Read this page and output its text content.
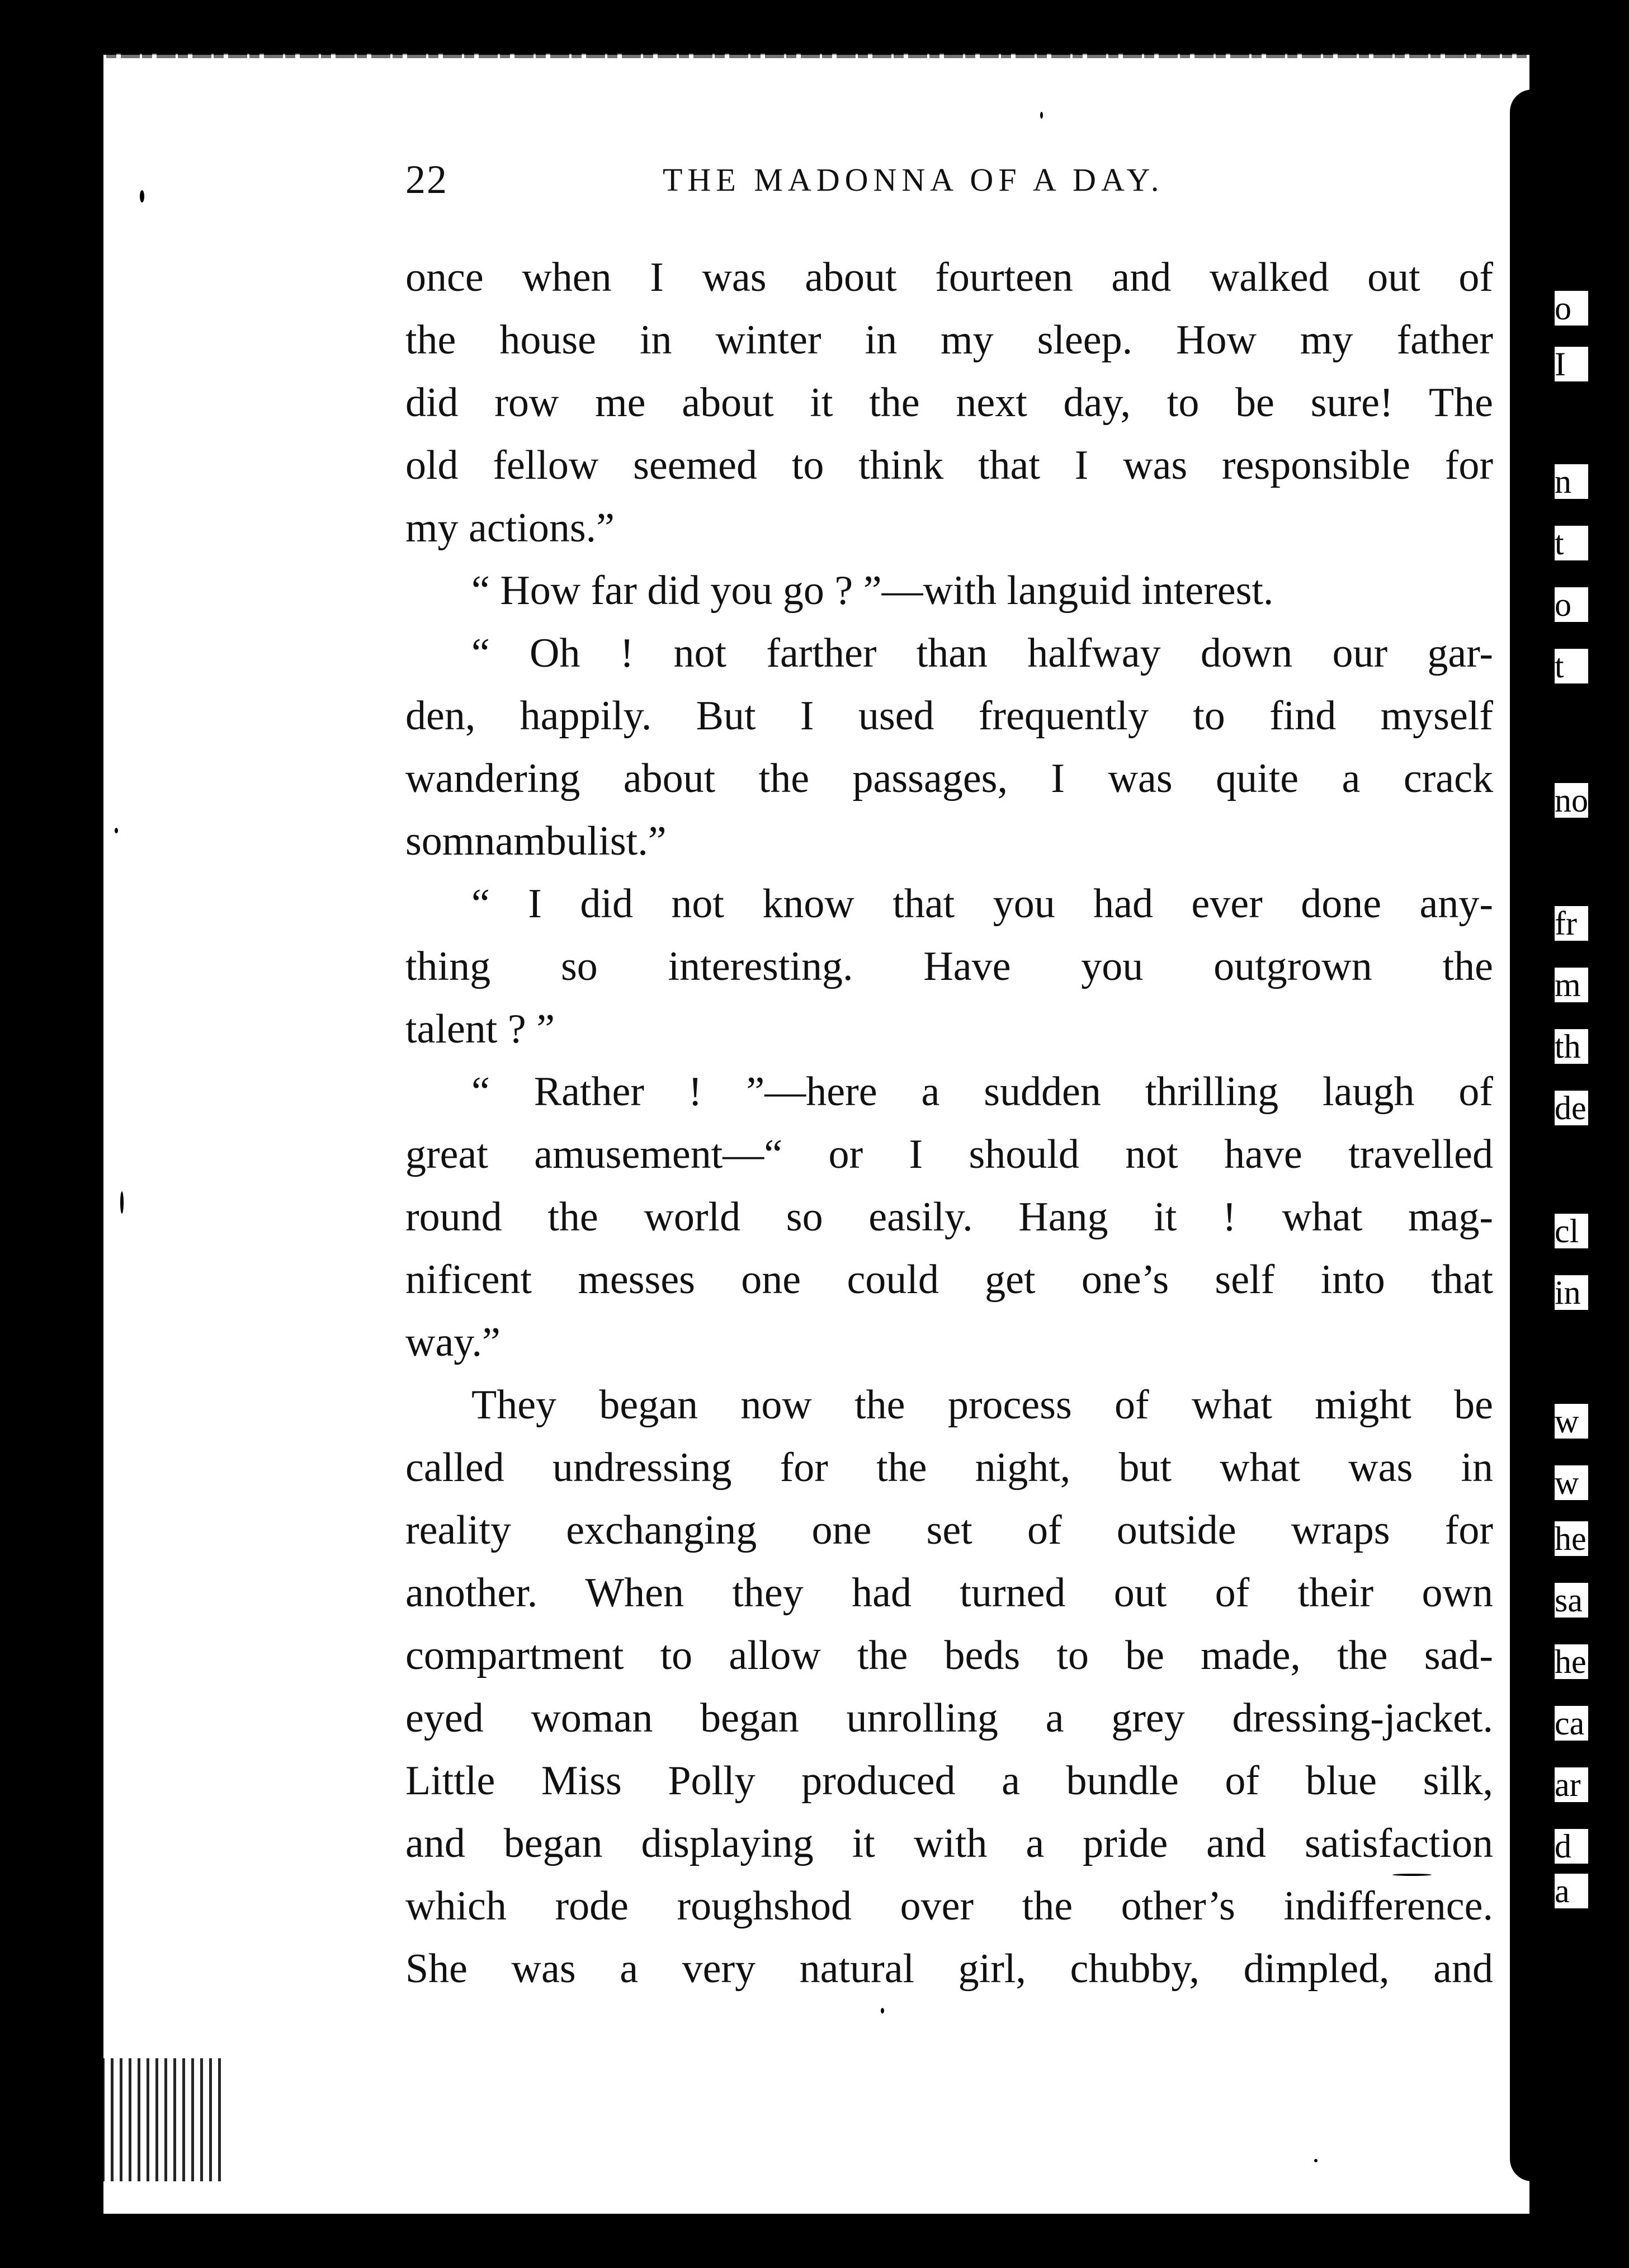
o
I
n
t
o
t
no
fr
m
th
de
cl
in
w
w
he
sa
he
ca
ar
d
a
22	THE MADONNA OF A DAY.
once when I was about fourteen and walked out of
the house in winter in my sleep. How my father
did row me about it the next day, to be sure! The
old fellow seemed to think that I was responsible for
my actions.”
“ How far did you go ? ”—with languid interest.
“ Oh ! not farther than halfway down our gar-
den, happily. But I used frequently to find myself
wandering about the passages, I was quite a crack
somnambulist.”
“ I did not know that you had ever done any-
thing so interesting. Have you outgrown the
talent ? ”
“ Rather ! ”—here a sudden thrilling laugh of
great amusement—“ or I should not have travelled
round the world so easily. Hang it ! what mag-
nificent messes one could get one’s self into that
way.”
They began now the process of what might be
called undressing for the night, but what was in
reality exchanging one set of outside wraps for
another. When they had turned out of their own
compartment to allow the beds to be made, the sad-
eyed woman began unrolling a grey dressing-jacket.
Little Miss Polly produced a bundle of blue silk,
and began displaying it with a pride and satisfaction
which rode roughshod over the other’s indifference.
She was a very natural girl, chubby, dimpled, and
